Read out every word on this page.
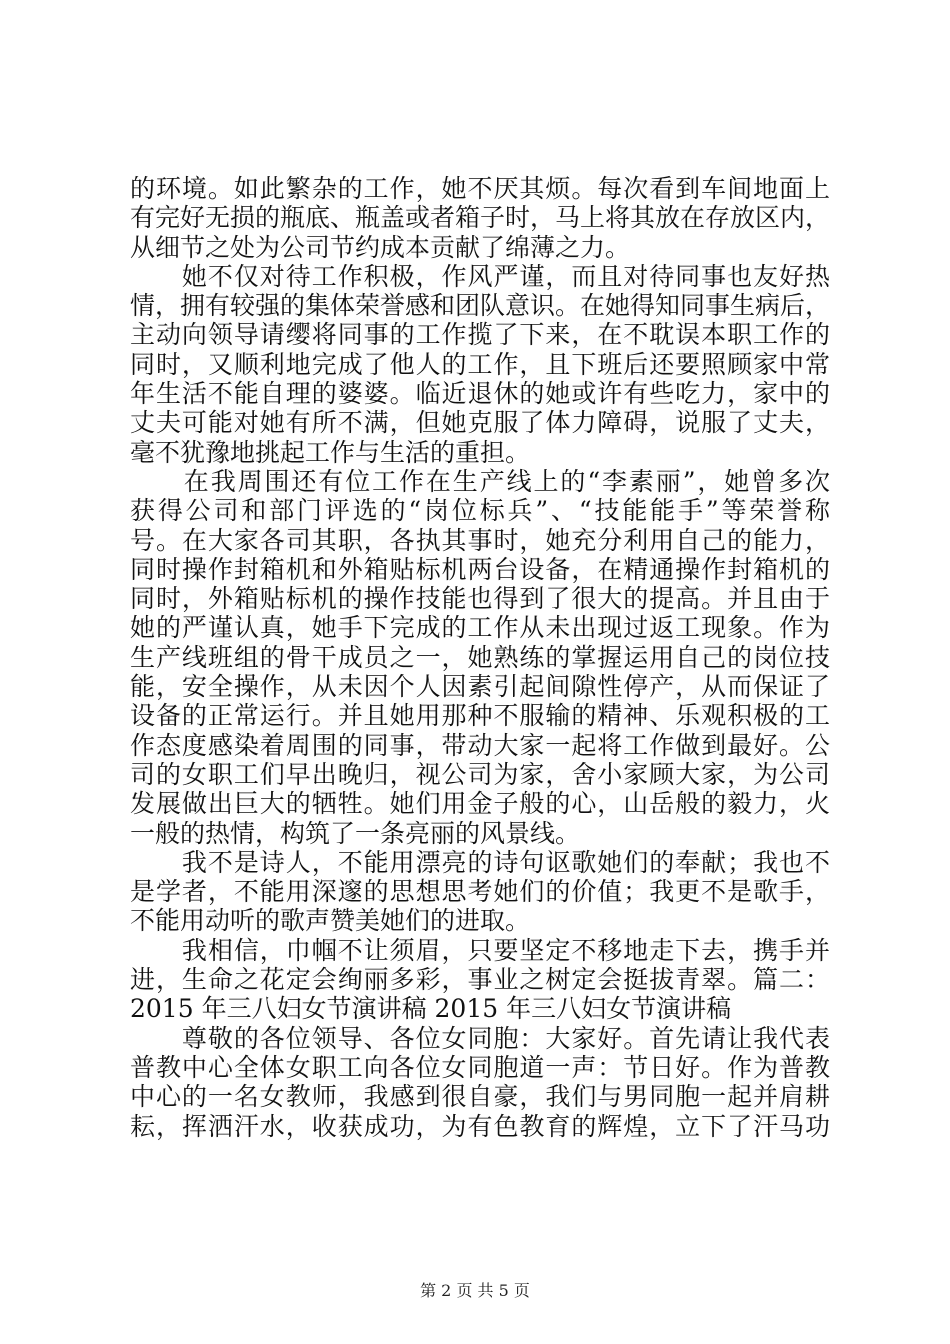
的环境。如此繁杂的工作，她不厌其烦。每次看到车间地面上
有完好无损的瓶底、瓶盖或者箱子时，马上将其放在存放区内，
从细节之处为公司节约成本贡献了绵薄之力。
　　她不仅对待工作积极，作风严谨，而且对待同事也友好热
情，拥有较强的集体荣誉感和团队意识。在她得知同事生病后，
主动向领导请缨将同事的工作揽了下来，在不耽误本职工作的
同时，又顺利地完成了他人的工作，且下班后还要照顾家中常
年生活不能自理的婆婆。临近退休的她或许有些吃力，家中的
丈夫可能对她有所不满，但她克服了体力障碍，说服了丈夫，
毫不犹豫地挑起工作与生活的重担。
　　在我周围还有位工作在生产线上的“李素丽”，她曾多次
获得公司和部门评选的“岗位标兵”、“技能能手”等荣誉称
号。在大家各司其职，各执其事时，她充分利用自己的能力，
同时操作封箱机和外箱贴标机两台设备，在精通操作封箱机的
同时，外箱贴标机的操作技能也得到了很大的提高。并且由于
她的严谨认真，她手下完成的工作从未出现过返工现象。作为
生产线班组的骨干成员之一，她熟练的掌握运用自己的岗位技
能，安全操作，从未因个人因素引起间隙性停产，从而保证了
设备的正常运行。并且她用那种不服输的精神、乐观积极的工
作态度感染着周围的同事，带动大家一起将工作做到最好。公
司的女职工们早出晚归，视公司为家，舍小家顾大家，为公司
发展做出巨大的牺牲。她们用金子般的心，山岳般的毅力，火
一般的热情，构筑了一条亮丽的风景线。
　　我不是诗人，不能用漂亮的诗句讴歌她们的奉献；我也不
是学者，不能用深邃的思想思考她们的价值；我更不是歌手，
不能用动听的歌声赞美她们的进取。
　　我相信，巾帼不让须眉，只要坚定不移地走下去，携手并
进，生命之花定会绚丽多彩，事业之树定会挺拔青翠。篇二：
2015 年三八妇女节演讲稿 2015 年三八妇女节演讲稿
　　尊敬的各位领导、各位女同胞：大家好。首先请让我代表
普教中心全体女职工向各位女同胞道一声：节日好。作为普教
中心的一名女教师，我感到很自豪，我们与男同胞一起并肩耕
耘，挥洒汗水，收获成功，为有色教育的辉煌，立下了汗马功
第 2 页 共 5 页
